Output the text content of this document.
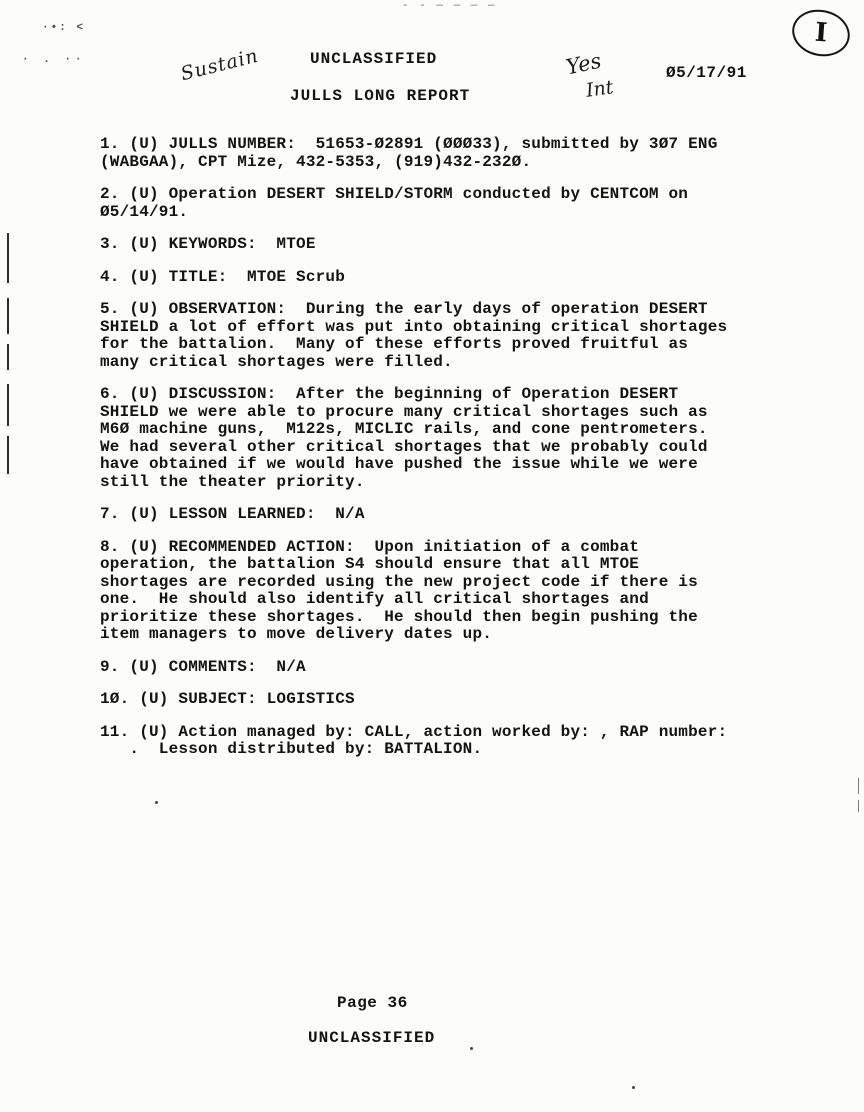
- - — — — —
·•: <
· . ··	Sustain	Yes
Int
UNCLASSIFIED
JULLS LONG REPORT
Ø5/17/91
I
1. (U) JULLS NUMBER:  51653-Ø2891 (ØØØ33), submitted by 3Ø7 ENG
(WABGAA), CPT Mize, 432-5353, (919)432-232Ø.
2. (U) Operation DESERT SHIELD/STORM conducted by CENTCOM on
Ø5/14/91.
3. (U) KEYWORDS:  MTOE
4. (U) TITLE:  MTOE Scrub
5. (U) OBSERVATION:  During the early days of operation DESERT
SHIELD a lot of effort was put into obtaining critical shortages
for the battalion.  Many of these efforts proved fruitful as
many critical shortages were filled.
6. (U) DISCUSSION:  After the beginning of Operation DESERT
SHIELD we were able to procure many critical shortages such as
M6Ø machine guns,  M122s, MICLIC rails, and cone pentrometers.
We had several other critical shortages that we probably could
have obtained if we would have pushed the issue while we were
still the theater priority.
7. (U) LESSON LEARNED:  N/A
8. (U) RECOMMENDED ACTION:  Upon initiation of a combat
operation, the battalion S4 should ensure that all MTOE
shortages are recorded using the new project code if there is
one.  He should also identify all critical shortages and
prioritize these shortages.  He should then begin pushing the
item managers to move delivery dates up.
9. (U) COMMENTS:  N/A
1Ø. (U) SUBJECT: LOGISTICS
11. (U) Action managed by: CALL, action worked by: , RAP number:
.  Lesson distributed by: BATTALION.
Page 36
UNCLASSIFIED
